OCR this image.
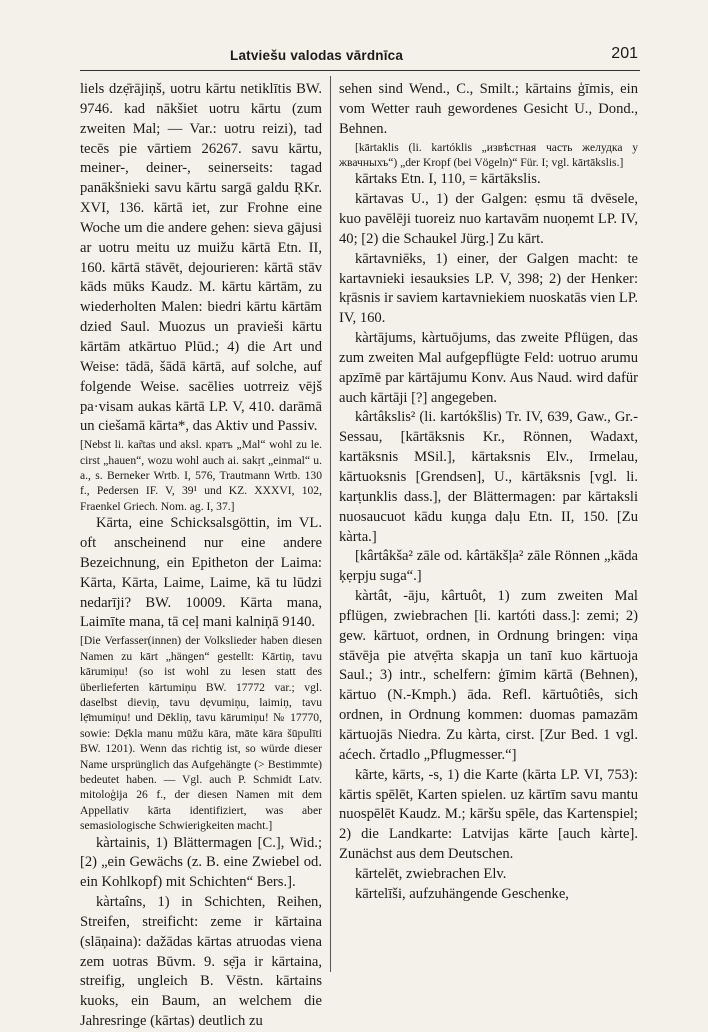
Latviešu valodas vārdnīca	201

liels dzẹ̄rājiņš, uotru kārtu netiklītis BW. 9746. kad nākšiet uotru kārtu (zum zweiten Mal; — Var.: uotru reizi), tad tecēs pie vārtiem 26267. savu kārtu, meiner-, deiner-, seinerseits: tagad panākšnieki savu kārtu sargā galdu ŖKr. XVI, 136. kārtā iet, zur Frohne eine Woche um die andere gehen: sieva gājusi ar uotru meitu uz muižu kārtā Etn. II, 160. kārtā stāvēt, dejourieren: kārtā stāv kāds mūks Kaudz. M. kārtu kārtām, zu wiederholten Malen: biedri kārtu kārtām dzied Saul. Muozus un pravieši kārtu kārtām atkārtuo Plūd.; 4) die Art und Weise: tādā, šādā kārtā, auf solche, auf folgende Weise. sacēlies uotrreiz vējš pa·visam aukas kārtā LP. V, 410. darāmā un ciešamā kārta*, das Aktiv und Passiv.

[Nebst li. kar̃tas und aksl. кратъ „Mal“ wohl zu le. cirst „hauen“, wozu wohl auch ai. sakṛt „einmal“ u. a., s. Berneker Wrtb. I, 576, Trautmann Wrtb. 130 f., Pedersen IF. V, 39¹ und KZ. XXXVI, 102, Fraenkel Griech. Nom. ag. I, 37.]

Kārta, eine Schicksalsgöttin, im VL. oft anscheinend nur eine andere Bezeichnung, ein Epitheton der Laima: Kārta, Kārta, Laime, Laime, kā tu lūdzi nedarīji? BW. 10009. Kārta mana, Laimīte mana, tā ceļ mani kalniņā 9140.

[Die Verfasser(innen) der Volkslieder haben diesen Namen zu kārt „hängen“ gestellt: Kārtiņ, tavu kārumiņu! (so ist wohl zu lesen statt des überlieferten kārtumiņu BW. 17772 var.; vgl. daselbst dieviņ, tavu dẹvumiņu, laimiņ, tavu lẹ̄mumiņu! und Dēkliņ, tavu kārumiņu! № 17770, sowie: Dẹ̄kla manu mūžu kāra, māte kāra šūpulīti BW. 1201). Wenn das richtig ist, so würde dieser Name ursprünglich das Aufgehängte (> Bestimmte) bedeutet haben. — Vgl. auch P. Schmidt Latv. mitoloģija 26 f., der diesen Namen mit dem Appellativ kārta identifiziert, was aber semasiologische Schwierigkeiten macht.]

kàrtainis, 1) Blättermagen [C.], Wid.; [2) „ein Gewächs (z. B. eine Zwiebel od. ein Kohlkopf) mit Schichten“ Bers.].

kàrtaîns, 1) in Schichten, Reihen, Streifen, streificht: zeme ir kārtaina (slāņaina): dažādas kārtas atruodas viena zem uotras Būvm. 9. sẹ̄ja ir kārtaina, streifig, ungleich B. Vēstn. kārtains kuoks, ein Baum, an welchem die Jahresringe (kārtas) deutlich zu

sehen sind Wend., C., Smilt.; kārtains ģīmis, ein vom Wetter rauh gewordenes Gesicht U., Dond., Behnen.

[kārtaklis (li. kartóklis „извѣстная часть желудка у жвачныхъ“) „der Kropf (bei Vögeln)“ Für. I; vgl. kārtākslis.]

kārtaks Etn. I, 110, = kārtākslis.

kārtavas U., 1) der Galgen: ẹsmu tā dvēsele, kuo pavēlēji tuoreiz nuo kartavām nuoņemt LP. IV, 40; [2) die Schaukel Jürg.] Zu kārt.

kārtavniēks, 1) einer, der Galgen macht: te kartavnieki iesauksies LP. V, 398; 2) der Henker: kŗāsnis ir saviem kartavniekiem nuoskatās vien LP. IV, 160.

kàrtājums, kàrtuōjums, das zweite Pflügen, das zum zweiten Mal aufgepflügte Feld: uotruo arumu apzīmē par kārtājumu Konv. Aus Naud. wird dafür auch kārtāji [?] angegeben.

kârtâkslis² (li. kartókšlis) Tr. IV, 639, Gaw., Gr.-Sessau, [kārtāksnis Kr., Rönnen, Wadaxt, kartāksnis MSil.], kārtaksnis Elv., Irmelau, kārtuoksnis [Grendsen], U., kārtāksnis [vgl. li. karṭunklis dass.], der Blättermagen: par kārtaksli nuosaucuot kādu kuņga daļu Etn. II, 150. [Zu kàrta.]

[kârtâkša² zāle od. kârtākšļa² zāle Rönnen „kāda ķẹrpju suga“.]

kàrtât, -āju, kârtuôt, 1) zum zweiten Mal pflügen, zwiebrachen [li. kartóti dass.]: zemi; 2) gew. kārtuot, ordnen, in Ordnung bringen: viņa stāvēja pie atvẹ̄rta skapja un tanī kuo kārtuoja Saul.; 3) intr., schelfern: ģīmim kārtā (Behnen), kārtuo (N.-Kmph.) āda. Refl. kārtuôtiês, sich ordnen, in Ordnung kommen: duomas pamazām kārtuojās Niedra. Zu kàrta, cirst. [Zur Bed. 1 vgl. aćech. črtadlo „Pflugmesser.“]

kãrte, kārts, -s, 1) die Karte (kārta LP. VI, 753): kārtis spēlēt, Karten spielen. uz kārtīm savu mantu nuospēlēt Kaudz. M.; kāršu spēle, das Kartenspiel; 2) die Landkarte: Latvijas kārte [auch kàrte]. Zunächst aus dem Deutschen.

kārtelēt, zwiebrachen Elv.

kārtelīši, aufzuhängende Geschenke,
